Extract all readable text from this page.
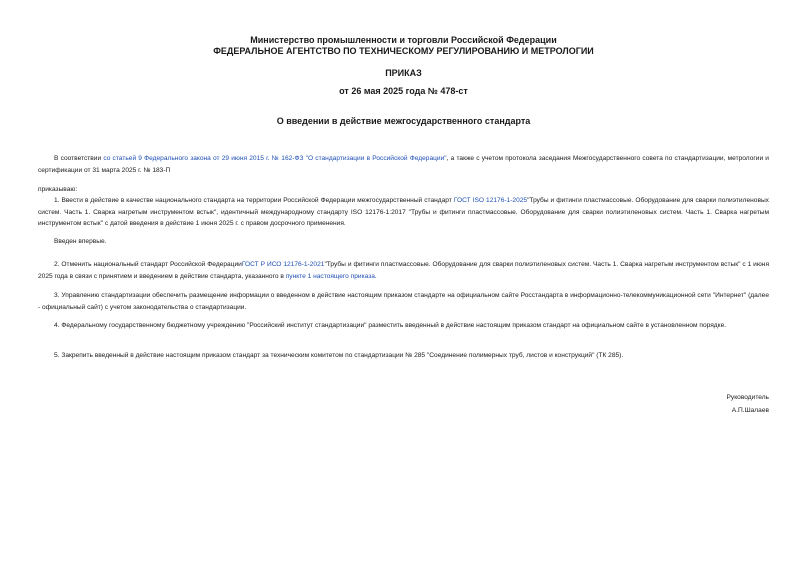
Министерство промышленности и торговли Российской Федерации
ФЕДЕРАЛЬНОЕ АГЕНТСТВО ПО ТЕХНИЧЕСКОМУ РЕГУЛИРОВАНИЮ И МЕТРОЛОГИИ
ПРИКАЗ
от 26 мая 2025 года № 478-ст
О введении в действие межгосударственного стандарта

В соответствии со статьей 9 Федерального закона от 29 июня 2015 г. № 162-ФЗ "О стандартизации в Российской Федерации", а также с учетом протокола заседания Межгосударственного совета по стандартизации, метрологии и сертификации от 31 марта 2025 г. № 183-П

приказываю:

1. Ввести в действие в качестве национального стандарта на территории Российской Федерации межгосударственный стандарт ГОСТ ISO 12176-1-2025"Трубы и фитинги пластмассовые. Оборудование для сварки полиэтиленовых систем. Часть 1. Сварка нагретым инструментом встык", идентичный международному стандарту ISO 12176-1:2017 "Трубы и фитинги пластмассовые. Оборудование для сварки полиэтиленовых систем. Часть 1. Сварка нагретым инструментом встык" с датой введения в действие 1 июня 2025 г. с правом досрочного применения.

Введен впервые.

2. Отменить национальный стандарт Российской ФедерацииГОСТ Р ИСО 12176-1-2021"Трубы и фитинги пластмассовые. Оборудование для сварки полиэтиленовых систем. Часть 1. Сварка нагретым инструментом встык" с 1 июня 2025 года в связи с принятием и введением в действие стандарта, указанного в пункте 1 настоящего приказа.

3. Управлению стандартизации обеспечить размещение информации о введенном в действие настоящим приказом стандарте на официальном сайте Росстандарта в информационно-телекоммуникационной сети "Интернет" (далее - официальный сайт) с учетом законодательства о стандартизации.

4. Федеральному государственному бюджетному учреждению "Российский институт стандартизации" разместить введенный в действие настоящим приказом стандарт на официальном сайте в установленном порядке.

5. Закрепить введенный в действие настоящим приказом стандарт за техническим комитетом по стандартизации № 285 "Соединение полимерных труб, листов и конструкций" (ТК 285).

Руководитель
А.П.Шалаев
